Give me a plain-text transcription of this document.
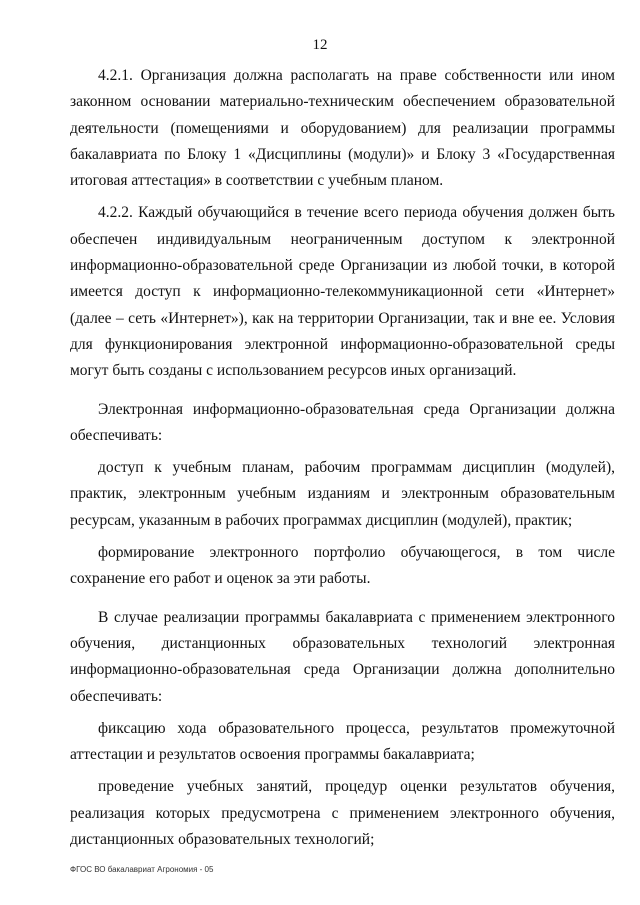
12

4.2.1. Организация должна располагать на праве собственности или ином законном основании материально-техническим обеспечением образовательной деятельности (помещениями и оборудованием) для реализации программы бакалавриата по Блоку 1 «Дисциплины (модули)» и Блоку 3 «Государственная итоговая аттестация» в соответствии с учебным планом.

4.2.2. Каждый обучающийся в течение всего периода обучения должен быть обеспечен индивидуальным неограниченным доступом к электронной информационно-образовательной среде Организации из любой точки, в которой имеется доступ к информационно-телекоммуникационной сети «Интернет» (далее – сеть «Интернет»), как на территории Организации, так и вне ее. Условия для функционирования электронной информационно-образовательной среды могут быть созданы с использованием ресурсов иных организаций.

Электронная информационно-образовательная среда Организации должна обеспечивать:

доступ к учебным планам, рабочим программам дисциплин (модулей), практик, электронным учебным изданиям и электронным образовательным ресурсам, указанным в рабочих программах дисциплин (модулей), практик;

формирование электронного портфолио обучающегося, в том числе сохранение его работ и оценок за эти работы.

В случае реализации программы бакалавриата с применением электронного обучения, дистанционных образовательных технологий электронная информационно-образовательная среда Организации должна дополнительно обеспечивать:

фиксацию хода образовательного процесса, результатов промежуточной аттестации и результатов освоения программы бакалавриата;

проведение учебных занятий, процедур оценки результатов обучения, реализация которых предусмотрена с применением электронного обучения, дистанционных образовательных технологий;

ФГОС ВО бакалавриат Агрономия - 05
